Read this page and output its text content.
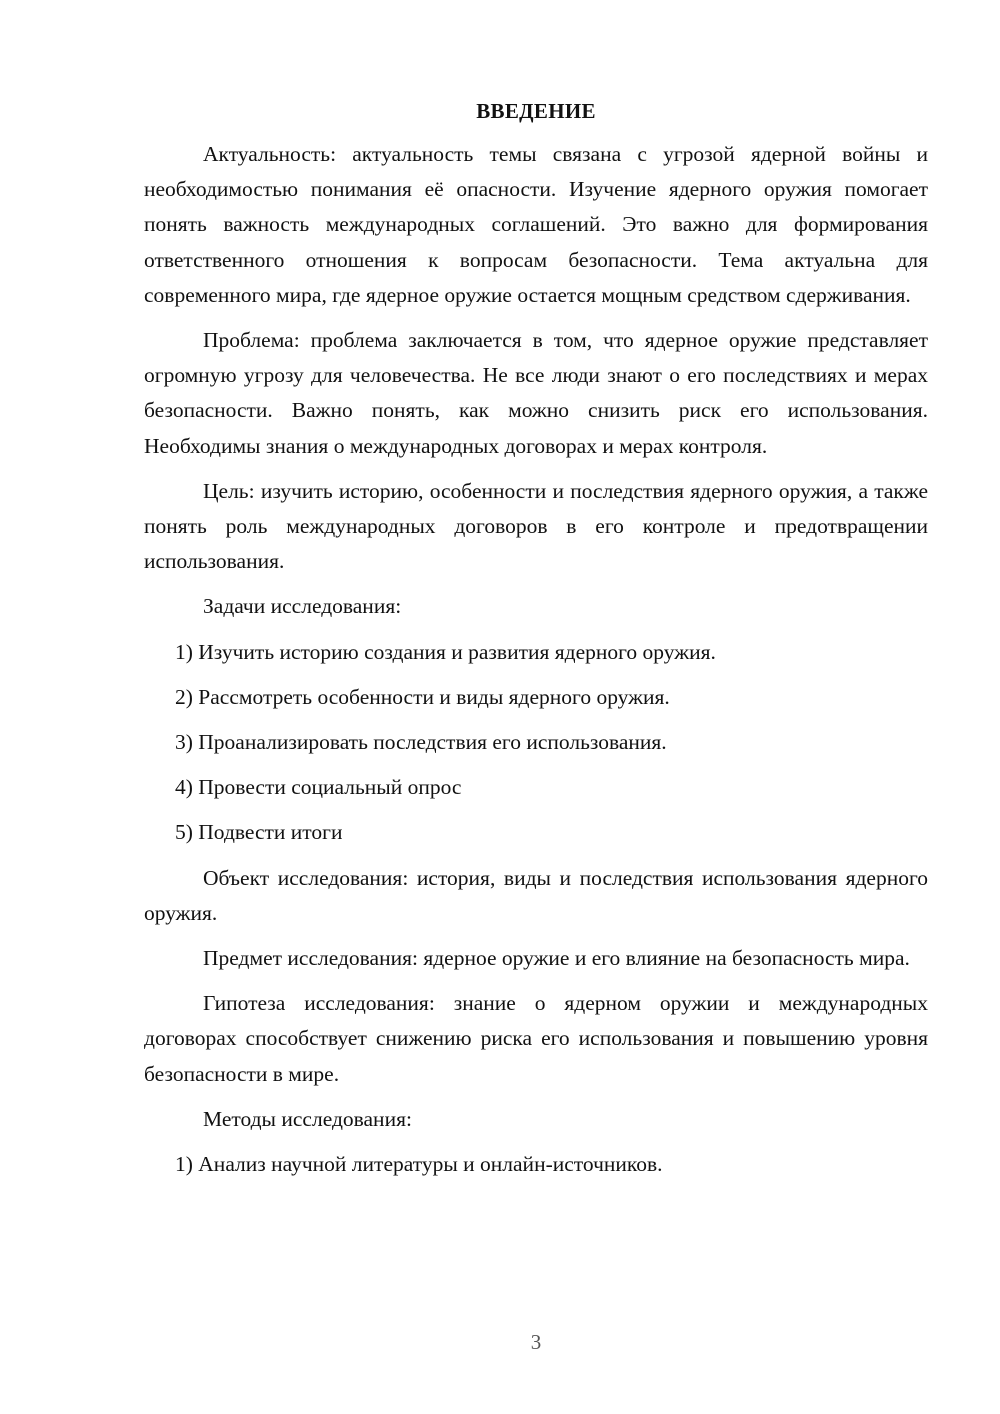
ВВЕДЕНИЕ

Актуальность: актуальность темы связана с угрозой ядерной войны и необходимостью понимания её опасности. Изучение ядерного оружия помогает понять важность международных соглашений. Это важно для формирования ответственного отношения к вопросам безопасности. Тема актуальна для современного мира, где ядерное оружие остается мощным средством сдерживания.

Проблема: проблема заключается в том, что ядерное оружие представляет огромную угрозу для человечества. Не все люди знают о его последствиях и мерах безопасности. Важно понять, как можно снизить риск его использования. Необходимы знания о международных договорах и мерах контроля.

Цель: изучить историю, особенности и последствия ядерного оружия, а также понять роль международных договоров в его контроле и предотвращении использования.

Задачи исследования:

1) Изучить историю создания и развития ядерного оружия.

2) Рассмотреть особенности и виды ядерного оружия.

3) Проанализировать последствия его использования.

4) Провести социальный опрос

5) Подвести итоги

Объект исследования: история, виды и последствия использования ядерного оружия.

Предмет исследования: ядерное оружие и его влияние на безопасность мира.

Гипотеза исследования: знание о ядерном оружии и международных договорах способствует снижению риска его использования и повышению уровня безопасности в мире.

Методы исследования:

1) Анализ научной литературы и онлайн-источников.

3
